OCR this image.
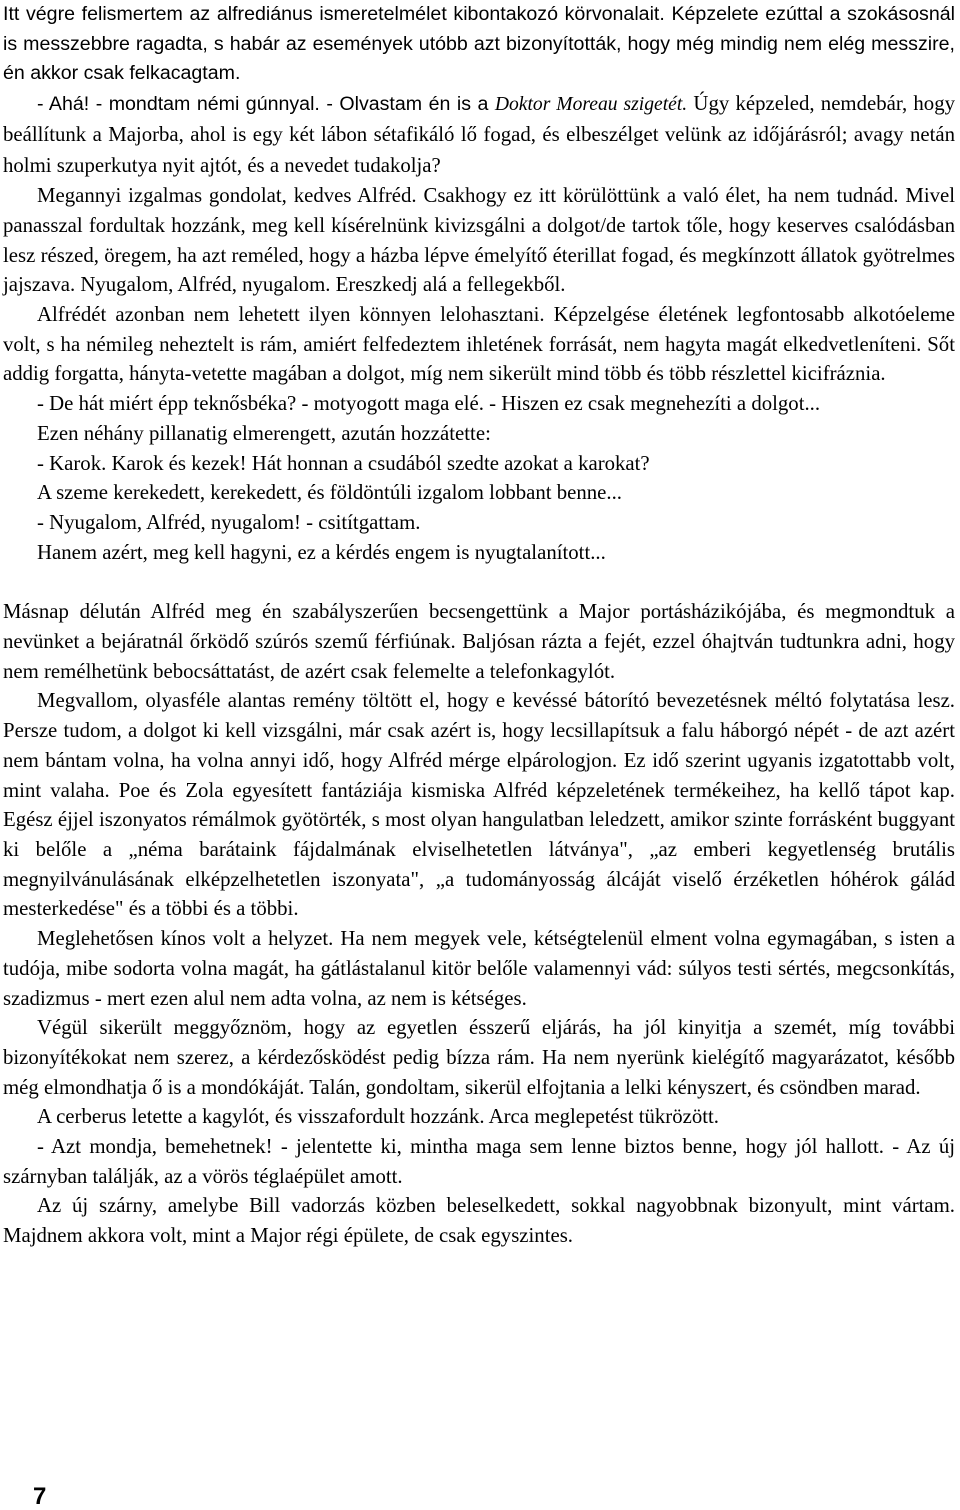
Itt végre felismertem az alfrediánus ismeretelmélet kibontakozó körvonalait. Képzelete ezúttal a szokásosnál is messzebbre ragadta, s habár az események utóbb azt bizonyították, hogy még mindig nem elég messzire, én akkor csak felkacagtam.

- Ahá! - mondtam némi gúnnyal. - Olvastam én is a Doktor Moreau szigetét. Úgy képzeled, nemdebár, hogy beállítunk a Majorba, ahol is egy két lábon sétafikáló lő fogad, és elbeszélget velünk az időjárásról; avagy netán holmi szuperkutya nyit ajtót, és a nevedet tudakolja?

Megannyi izgalmas gondolat, kedves Alfréd. Csakhogy ez itt körülöttünk a való élet, ha nem tudnád. Mivel panasszal fordultak hozzánk, meg kell kísérelnünk kivizsgálni a dolgot/de tartok tőle, hogy keserves csalódásban lesz részed, öregem, ha azt reméled, hogy a házba lépve émelyítő éterillat fogad, és megkínzott állatok gyötrelmes jajszava. Nyugalom, Alfréd, nyugalom. Ereszkedj alá a fellegekből.

Alfrédét azonban nem lehetett ilyen könnyen lelohasztani. Képzelgése életének legfontosabb alkotóeleme volt, s ha némileg neheztelt is rám, amiért felfedeztem ihletének forrását, nem hagyta magát elkedvetleníteni. Sőt addig forgatta, hányta-vetette magában a dolgot, míg nem sikerült mind több és több részlettel kicifráznia.

- De hát miért épp teknősbéka? - motyogott maga elé. - Hiszen ez csak megnehezíti a dolgot...

Ezen néhány pillanatig elmerengett, azután hozzátette:

- Karok. Karok és kezek! Hát honnan a csudából szedte azokat a karokat?

A szeme kerekedett, kerekedett, és földöntúli izgalom lobbant benne...

- Nyugalom, Alfréd, nyugalom! - csitítgattam.

Hanem azért, meg kell hagyni, ez a kérdés engem is nyugtalanított...

Másnap délután Alfréd meg én szabályszerűen becsengettünk a Major portásházikójába, és megmondtuk a nevünket a bejáratnál őrködő szúrós szemű férfiúnak. Baljósan rázta a fejét, ezzel óhajtván tudtunkra adni, hogy nem remélhetünk bebocsáttatást, de azért csak felemelte a telefonkagylót.

Megvallom, olyasféle alantas remény töltött el, hogy e kevéssé bátorító bevezetésnek méltó folytatása lesz. Persze tudom, a dolgot ki kell vizsgálni, már csak azért is, hogy lecsillapítsuk a falu háborgó népét - de azt azért nem bántam volna, ha volna annyi idő, hogy Alfréd mérge elpárologjon. Ez idő szerint ugyanis izgatottabb volt, mint valaha. Poe és Zola egyesített fantáziája kismiska Alfréd képzeletének termékeihez, ha kellő tápot kap. Egész éjjel iszonyatos rémálmok gyötörték, s most olyan hangulatban leledzett, amikor szinte forrásként buggyant ki belőle a „néma barátaink fájdalmának elviselhetetlen látványa", „az emberi kegyetlenség brutális megnyilvánulásának elképzelhetetlen iszonyata", „a tudományosság álcáját viselő érzéketlen hóhérok gálád mesterkedése" és a többi és a többi.

Meglehetősen kínos volt a helyzet. Ha nem megyek vele, kétségtelenül elment volna egymagában, s isten a tudója, mibe sodorta volna magát, ha gátlástalanul kitör belőle valamennyi vád: súlyos testi sértés, megcsonkítás, szadizmus - mert ezen alul nem adta volna, az nem is kétséges.

Végül sikerült meggyőznöm, hogy az egyetlen ésszerű eljárás, ha jól kinyitja a szemét, míg további bizonyítékokat nem szerez, a kérdezősködést pedig bízza rám. Ha nem nyerünk kielégítő magyarázatot, később még elmondhatja ő is a mondókáját. Talán, gondoltam, sikerül elfojtania a lelki kényszert, és csöndben marad.

A cerberus letette a kagylót, és visszafordult hozzánk. Arca meglepetést tükrözött.

- Azt mondja, bemehetnek! - jelentette ki, mintha maga sem lenne biztos benne, hogy jól hallott. - Az új szárnyban találják, az a vörös téglaépület amott.

Az új szárny, amelybe Bill vadorzás közben beleselkedett, sokkal nagyobbnak bizonyult, mint vártam. Majdnem akkora volt, mint a Major régi épülete, de csak egyszintes.

7
